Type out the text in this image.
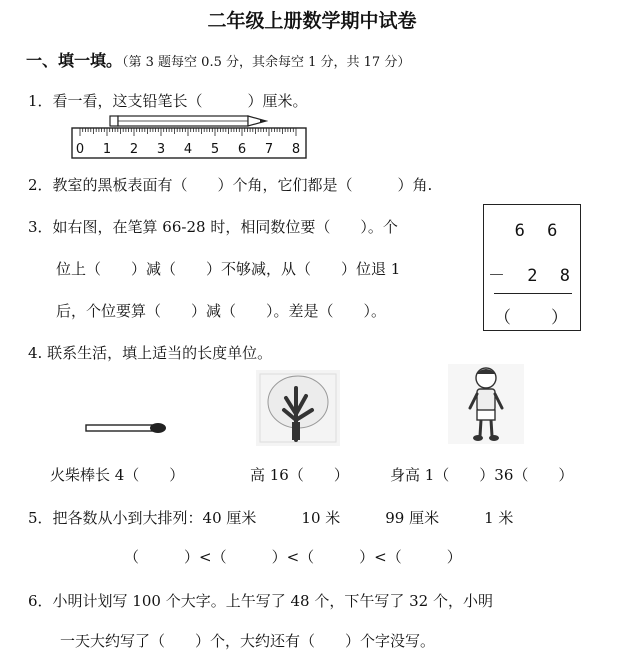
二年级上册数学期中试卷
一、填一填。（第 3 题每空 0.5 分，其余每空 1 分，共 17 分）
1．看一看，这支铅笔长（　　　）厘米。
0 1 2 3 4 5 6 7 8
2．教室的黑板表面有（　　）个角，它们都是（　　　）角.
3．如右图，在笔算 66-28 时，相同数位要（　　）。个
位上（　　）减（　　）不够减，从（　　）位退 1
后，个位要算（　　）减（　　）。差是（　　）。
6 6
－ 2 8
（　　）
4. 联系生活，填上适当的长度单位。
火柴棒长 4（　　）	高 16（　　）	身高 1（　　）36（　　）
5．把各数从小到大排列：40 厘米　　　10 米　　　99 厘米　　　1 米
（　　　）<（　　　）<（　　　）<（　　　）
6．小明计划写 100 个大字。上午写了 48 个，下午写了 32 个，小明
一天大约写了（　　）个，大约还有（　　）个字没写。
